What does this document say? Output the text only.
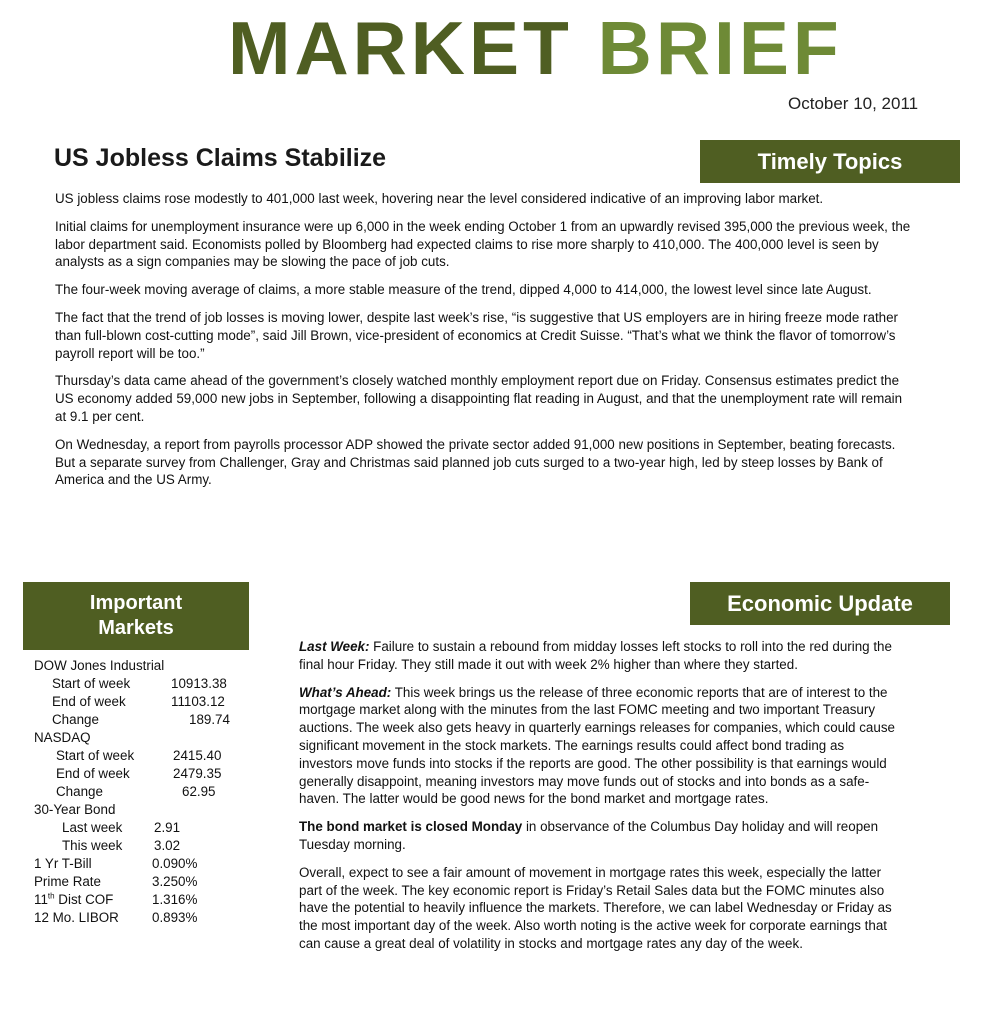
MARKET BRIEF
October 10, 2011
US Jobless Claims Stabilize	Timely Topics

US jobless claims rose modestly to 401,000 last week, hovering near the level considered indicative of an improving labor market.

Initial claims for unemployment insurance were up 6,000 in the week ending October 1 from an upwardly revised 395,000 the previous week, the labor department said. Economists polled by Bloomberg had expected claims to rise more sharply to 410,000. The 400,000 level is seen by analysts as a sign companies may be slowing the pace of job cuts.

The four-week moving average of claims, a more stable measure of the trend, dipped 4,000 to 414,000, the lowest level since late August.

The fact that the trend of job losses is moving lower, despite last week’s rise, “is suggestive that US employers are in hiring freeze mode rather than full-blown cost-cutting mode”, said Jill Brown, vice-president of economics at Credit Suisse. “That’s what we think the flavor of tomorrow’s payroll report will be too.”

Thursday’s data came ahead of the government’s closely watched monthly employment report due on Friday. Consensus estimates predict the US economy added 59,000 new jobs in September, following a disappointing flat reading in August, and that the unemployment rate will remain at 9.1 per cent.

On Wednesday, a report from payrolls processor ADP showed the private sector added 91,000 new positions in September, beating forecasts. But a separate survey from Challenger, Gray and Christmas said planned job cuts surged to a two-year high, led by steep losses by Bank of America and the US Army.

Important
Markets
DOW Jones Industrial
Start of week	10913.38
End of week	11103.12
Change	189.74
NASDAQ
Start of week	2415.40
End of week	2479.35
Change	62.95
30-Year Bond
Last week 2.91
This week 3.02
1 Yr T-Bill	0.090%
Prime Rate	3.250%
11th Dist COF	1.316%
12 Mo. LIBOR 0.893%
Economic Update

Last Week: Failure to sustain a rebound from midday losses left stocks to roll into the red during the final hour Friday. They still made it out with week 2% higher than where they started.

What’s Ahead: This week brings us the release of three economic reports that are of interest to the mortgage market along with the minutes from the last FOMC meeting and two important Treasury auctions. The week also gets heavy in quarterly earnings releases for companies, which could cause significant movement in the stock markets. The earnings results could affect bond trading as investors move funds into stocks if the reports are good. The other possibility is that earnings would generally disappoint, meaning investors may move funds out of stocks and into bonds as a safe-haven. The latter would be good news for the bond market and mortgage rates.

The bond market is closed Monday in observance of the Columbus Day holiday and will reopen Tuesday morning.

Overall, expect to see a fair amount of movement in mortgage rates this week, especially the latter part of the week. The key economic report is Friday’s Retail Sales data but the FOMC minutes also have the potential to heavily influence the markets. Therefore, we can label Wednesday or Friday as the most important day of the week. Also worth noting is the active week for corporate earnings that can cause a great deal of volatility in stocks and mortgage rates any day of the week.
